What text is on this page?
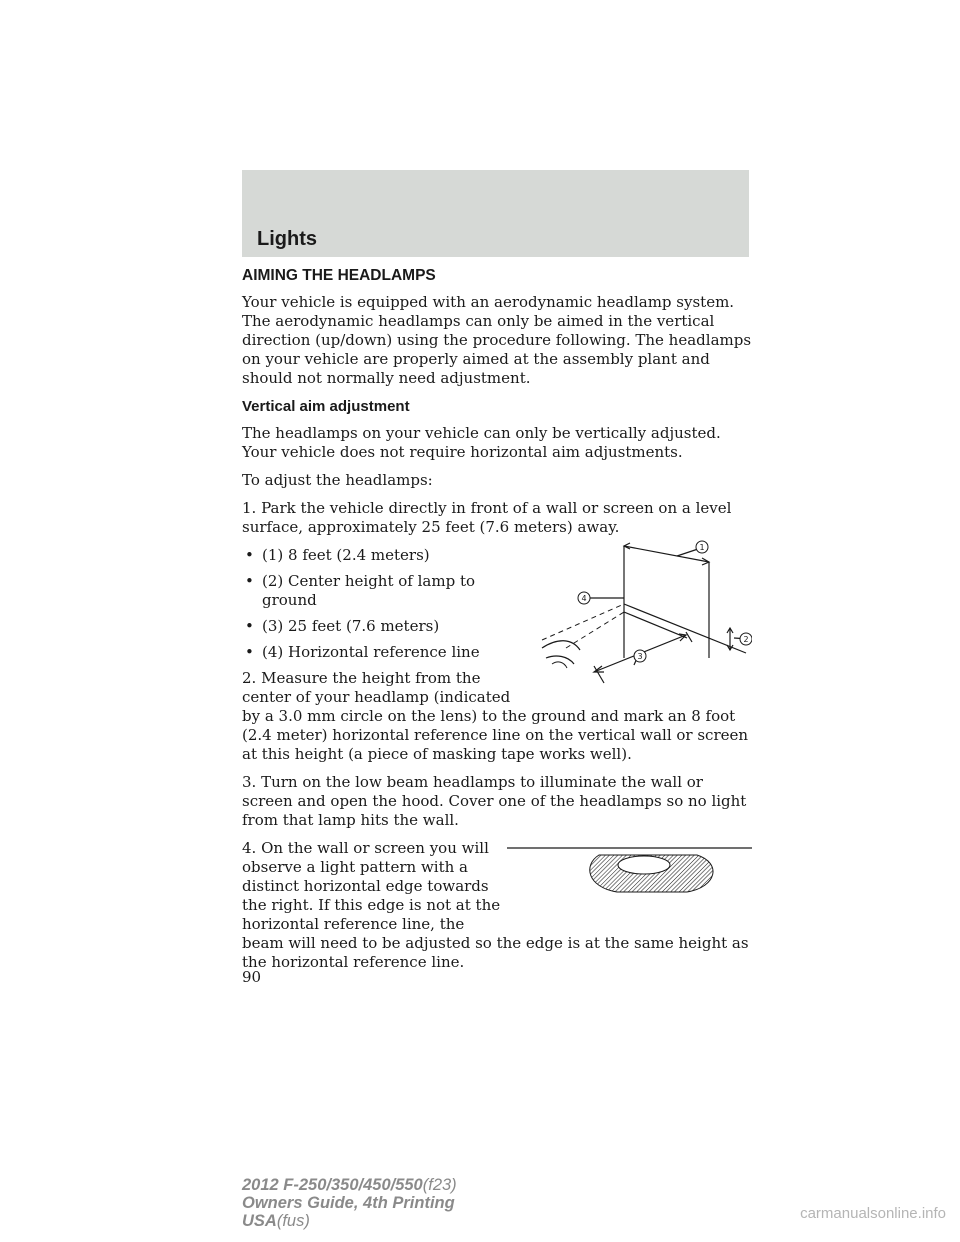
Lights
AIMING THE HEADLAMPS

Your vehicle is equipped with an aerodynamic headlamp system. The aerodynamic headlamps can only be aimed in the vertical direction (up/down) using the procedure following. The headlamps on your vehicle are properly aimed at the assembly plant and should not normally need adjustment.

Vertical aim adjustment

The headlamps on your vehicle can only be vertically adjusted. Your vehicle does not require horizontal aim adjustments.

To adjust the headlamps:

1. Park the vehicle directly in front of a wall or screen on a level surface, approximately 25 feet (7.6 meters) away.

1
2
3
4
• (1) 8 feet (2.4 meters)
• (2) Center height of lamp to ground
• (3) 25 feet (7.6 meters)
• (4) Horizontal reference line

2. Measure the height from the center of your headlamp (indicated by a 3.0 mm circle on the lens) to the ground and mark an 8 foot (2.4 meter) horizontal reference line on the vertical wall or screen at this height (a piece of masking tape works well).

3. Turn on the low beam headlamps to illuminate the wall or screen and open the hood. Cover one of the headlamps so no light from that lamp hits the wall.

4. On the wall or screen you will observe a light pattern with a distinct horizontal edge towards the right. If this edge is not at the horizontal reference line, the beam will need to be adjusted so the edge is at the same height as the horizontal reference line.

90
2012 F-250/350/450/550(f23)
Owners Guide, 4th Printing
USA(fus)	carmanualsonline.info
